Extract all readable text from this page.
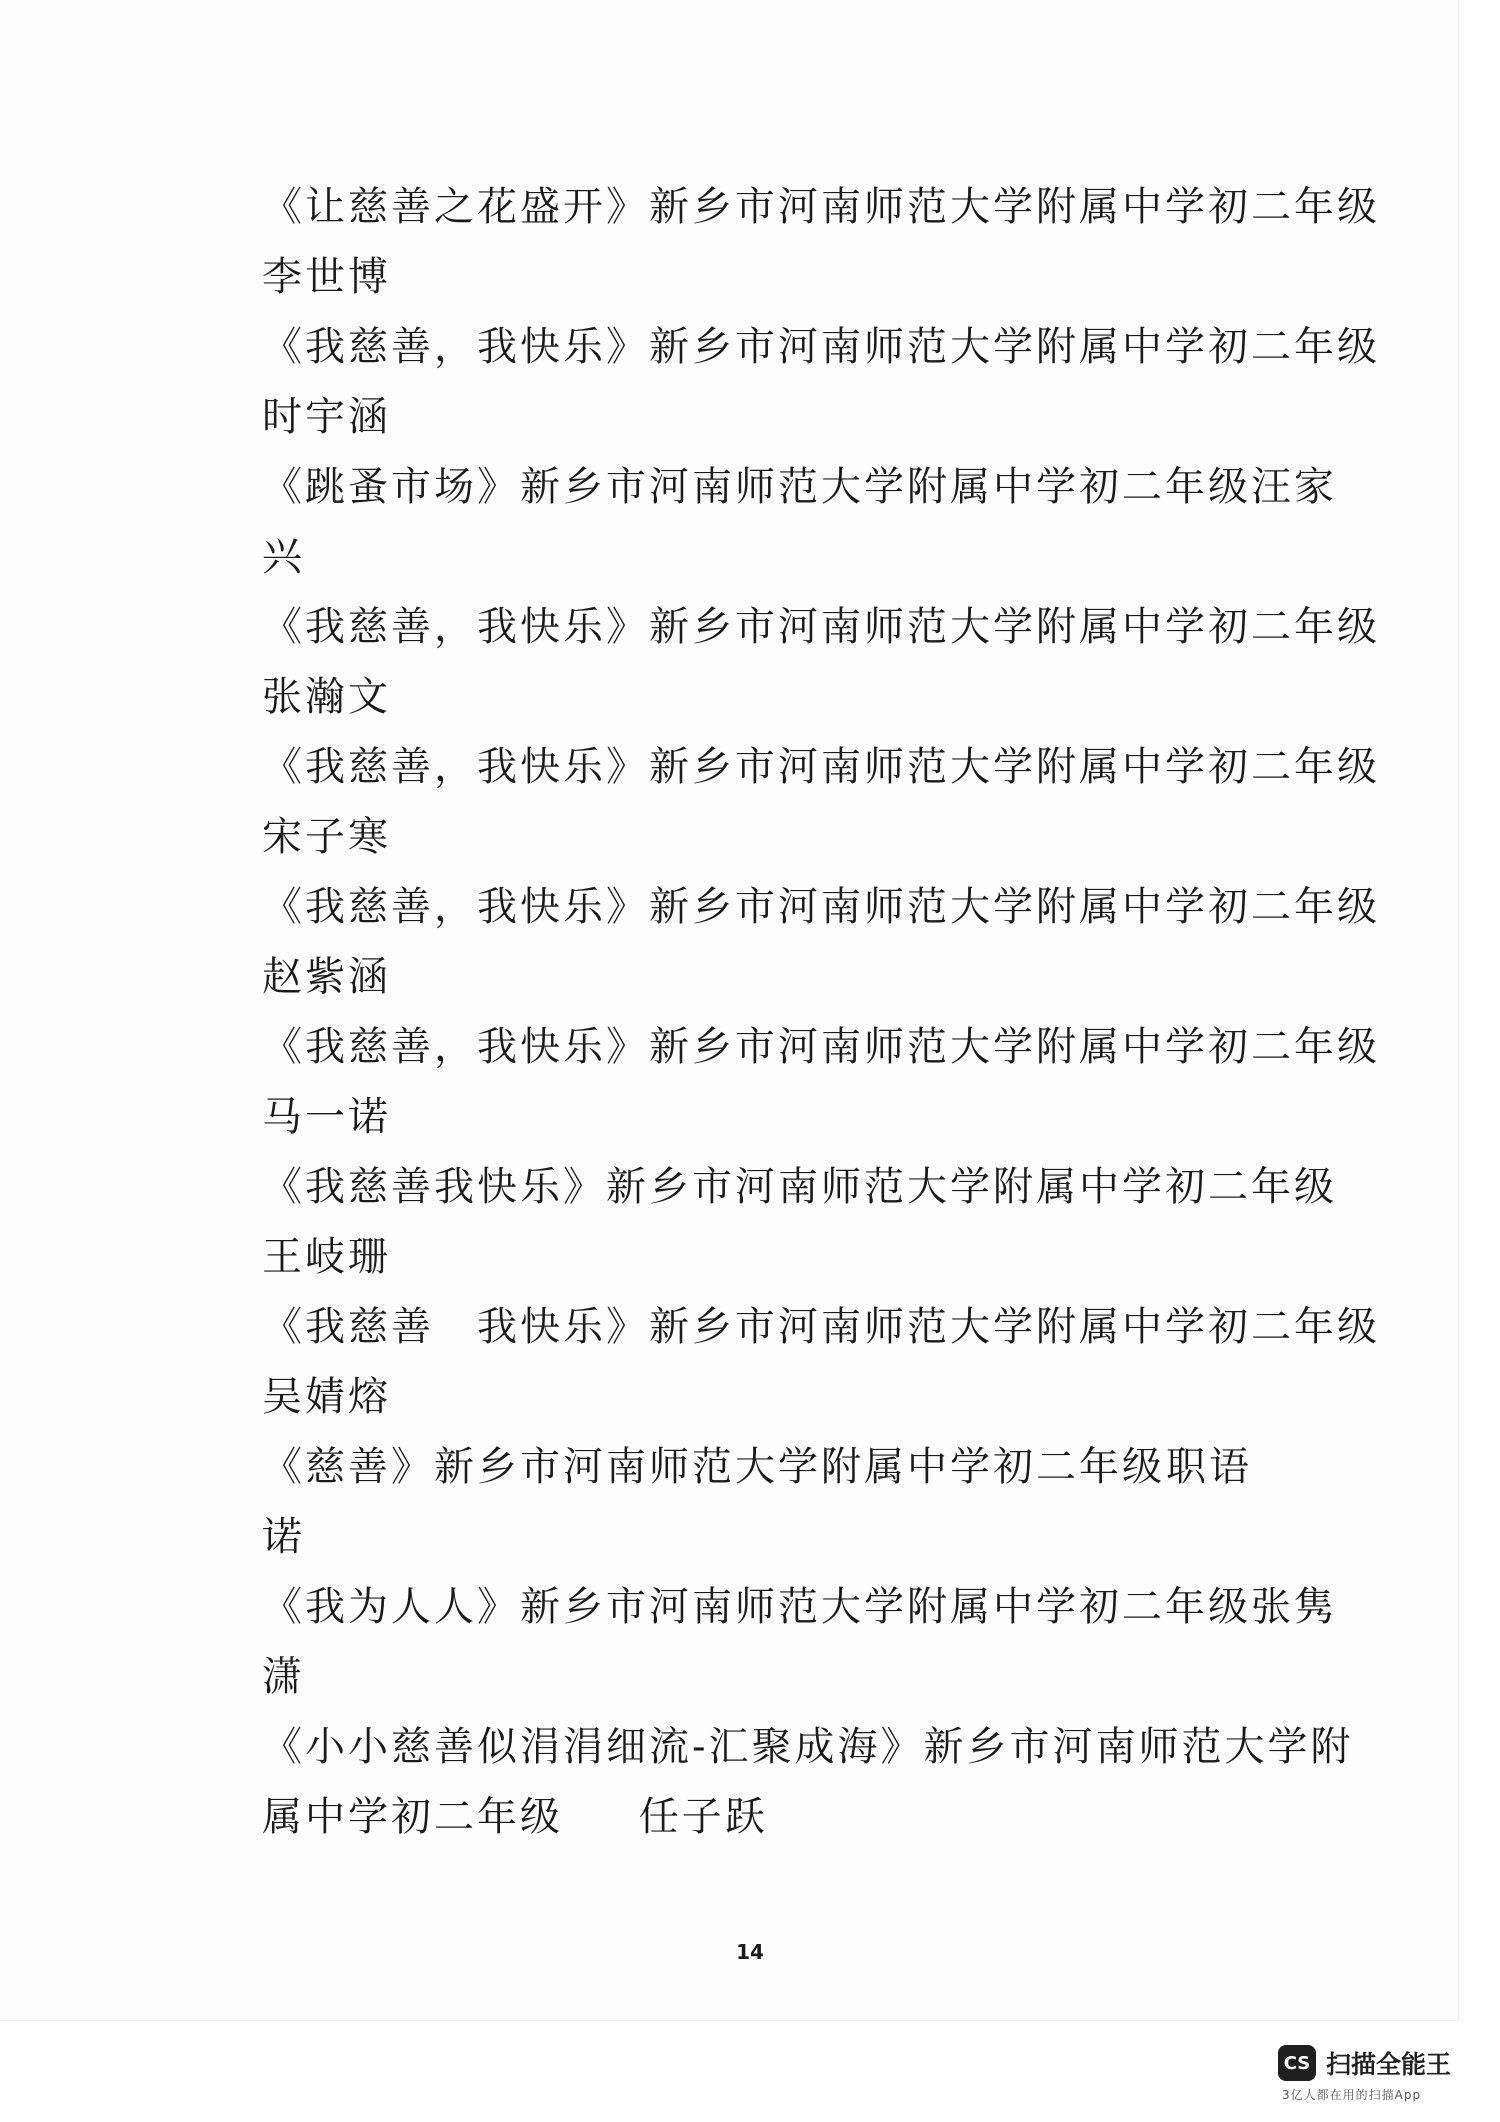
《让慈善之花盛开》新乡市河南师范大学附属中学初二年级
李世博
《我慈善，我快乐》新乡市河南师范大学附属中学初二年级
时宇涵
《跳蚤市场》新乡市河南师范大学附属中学初二年级 汪家
兴
《我慈善，我快乐》新乡市河南师范大学附属中学初二年级
张瀚文
《我慈善，我快乐》新乡市河南师范大学附属中学初二年级
宋子寒
《我慈善，我快乐》新乡市河南师范大学附属中学初二年级
赵紫涵
《我慈善，我快乐》新乡市河南师范大学附属中学初二年级
马一诺
《我慈善我快乐》新乡市河南师范大学附属中学初二年级
王岐珊
《我慈善　我快乐》新乡市河南师范大学附属中学初二年级
吴婧熔
《慈善》新乡市河南师范大学附属中学初二年级 职语
诺
《我为人人》新乡市河南师范大学附属中学初二年级 张隽
潇
《小小慈善似涓涓细流-汇聚成海》新乡市河南师范大学附
属中学初二年级 任子跃
14
CS 扫描全能王
3亿人都在用的扫描App
